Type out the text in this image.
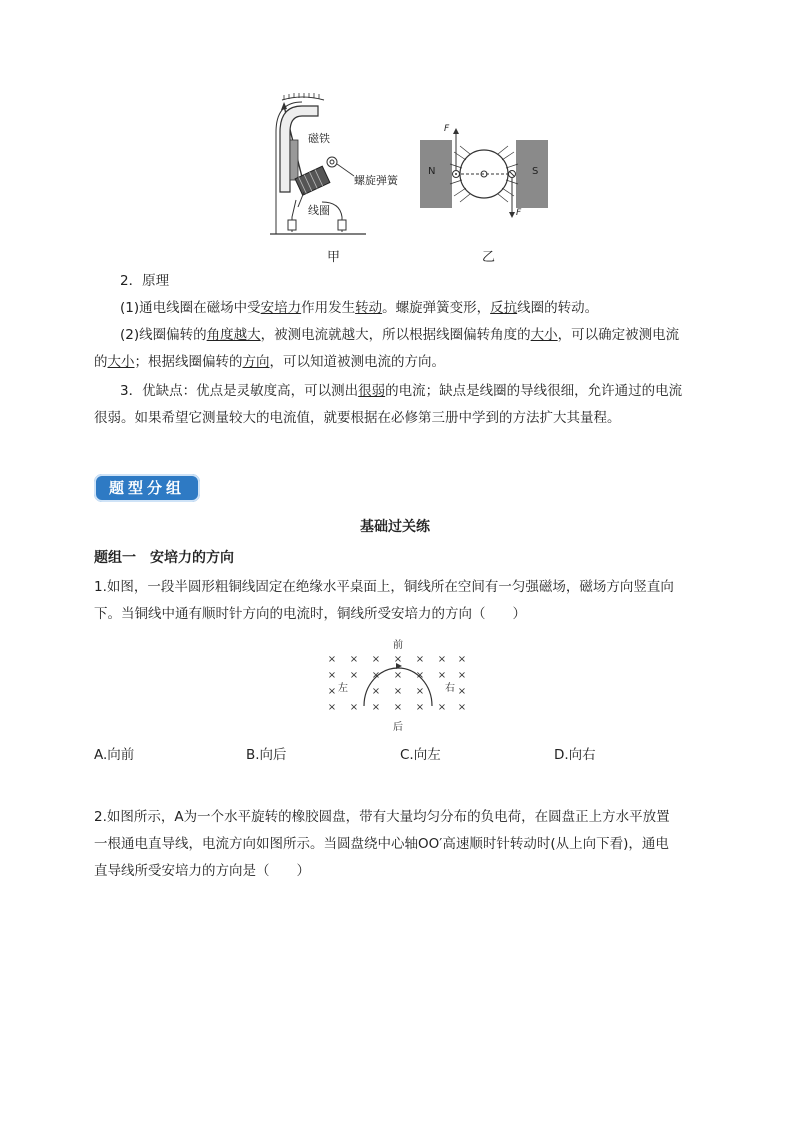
磁铁
螺旋弹簧
线圈
N	S
F
F
甲	乙
2．原理
(1)通电线圈在磁场中受安培力作用发生转动。螺旋弹簧变形，反抗线圈的转动。
(2)线圈偏转的角度越大，被测电流就越大，所以根据线圈偏转角度的大小，可以确定被测电流
的大小；根据线圈偏转的方向，可以知道被测电流的方向。
3．优缺点：优点是灵敏度高，可以测出很弱的电流；缺点是线圈的导线很细，允许通过的电流
很弱。如果希望它测量较大的电流值，就要根据在必修第三册中学到的方法扩大其量程。
题型分组
基础过关练
题组一　安培力的方向
1.如图，一段半圆形粗铜线固定在绝缘水平桌面上，铜线所在空间有一匀强磁场，磁场方向竖直向
下。当铜线中通有顺时针方向的电流时，铜线所受安培力的方向（　　）
× × × × × × ×
× × × × × × ×
×	× × ×	×
× × × × × × ×
前
后
左	右
A.向前	B.向后	C.向左	D.向右
2.如图所示，A为一个水平旋转的橡胶圆盘，带有大量均匀分布的负电荷，在圆盘正上方水平放置
一根通电直导线，电流方向如图所示。当圆盘绕中心轴OO′高速顺时针转动时(从上向下看)，通电
直导线所受安培力的方向是（　　）
